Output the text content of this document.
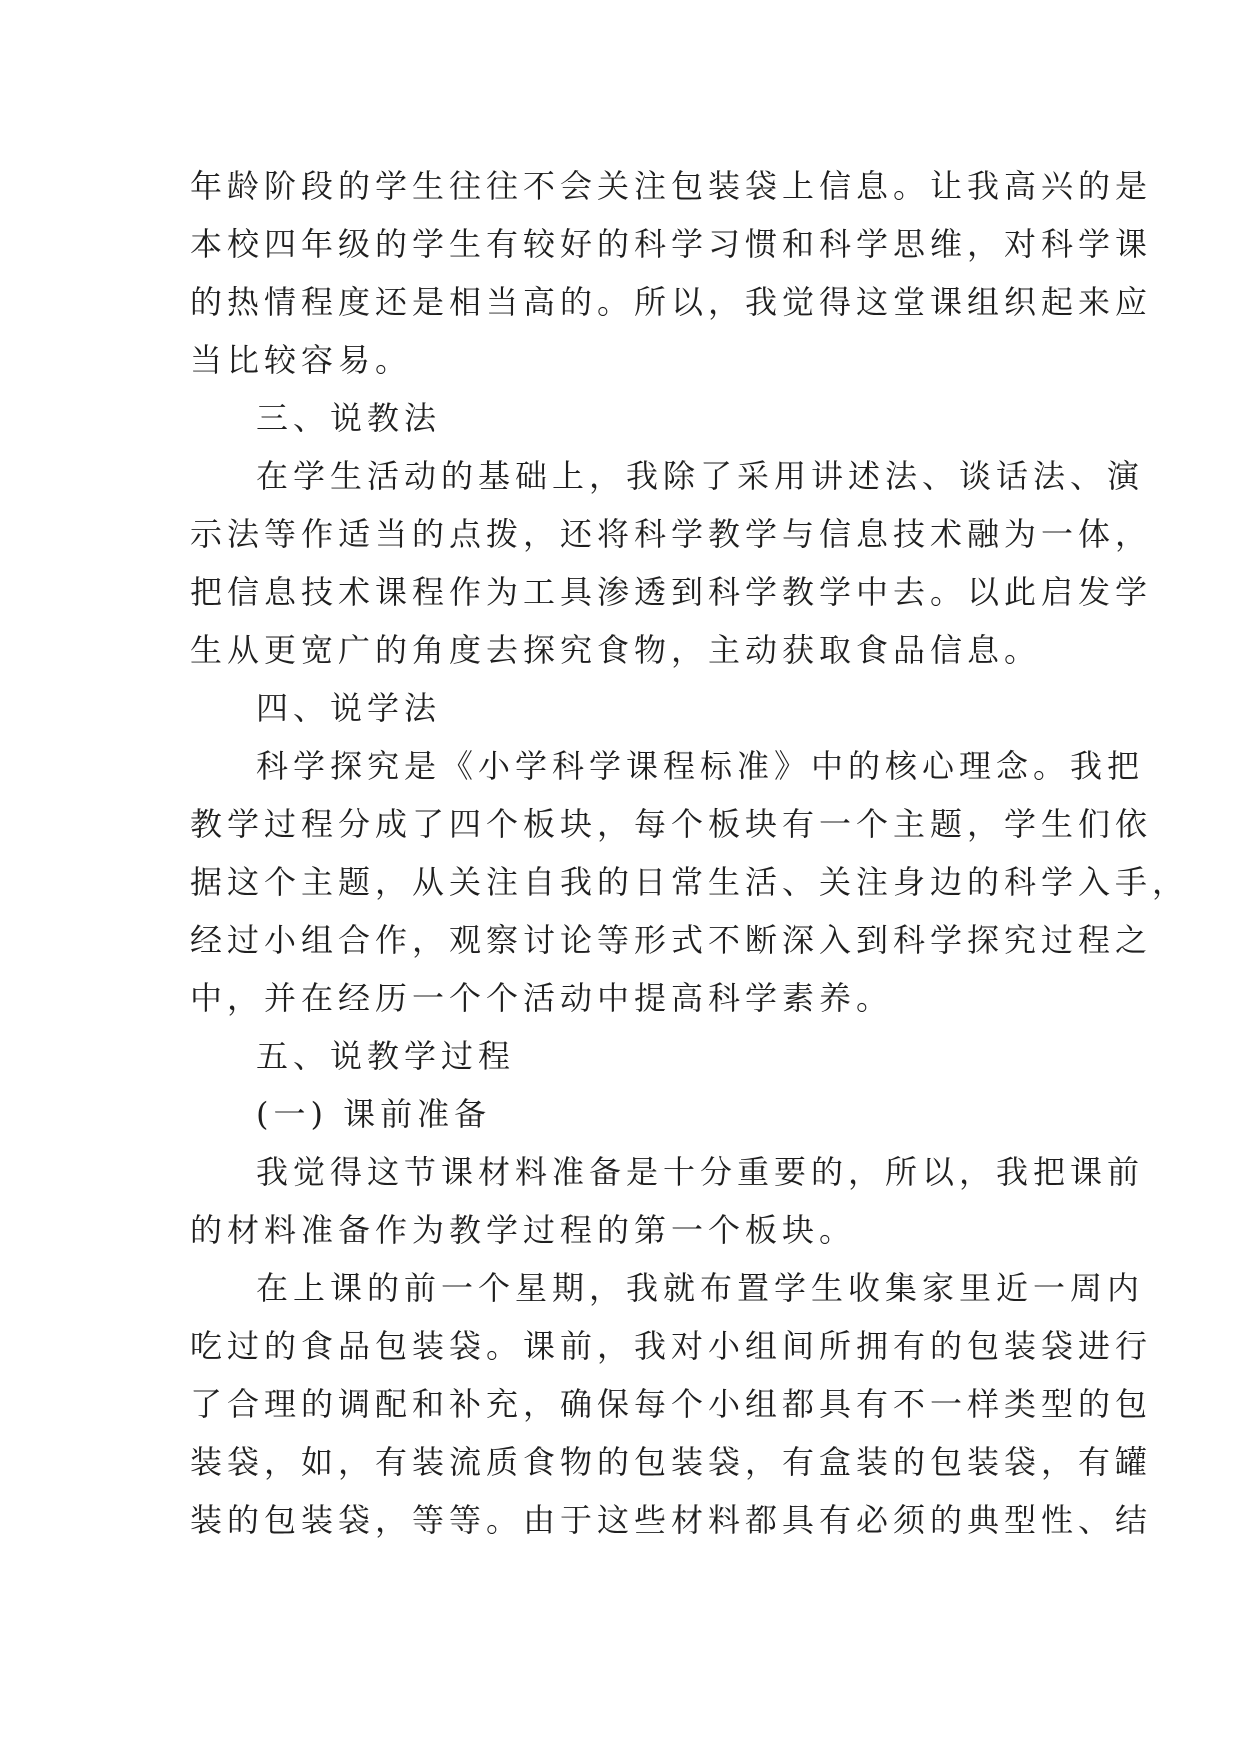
年龄阶段的学生往往不会关注包装袋上信息。让我高兴的是
本校四年级的学生有较好的科学习惯和科学思维，对科学课
的热情程度还是相当高的。所以，我觉得这堂课组织起来应
当比较容易。
三、说教法
在学生活动的基础上，我除了采用讲述法、谈话法、演
示法等作适当的点拨，还将科学教学与信息技术融为一体，
把信息技术课程作为工具渗透到科学教学中去。以此启发学
生从更宽广的角度去探究食物，主动获取食品信息。
四、说学法
科学探究是《小学科学课程标准》中的核心理念。我把
教学过程分成了四个板块，每个板块有一个主题，学生们依
据这个主题，从关注自我的日常生活、关注身边的科学入手，
经过小组合作，观察讨论等形式不断深入到科学探究过程之
中，并在经历一个个活动中提高科学素养。
五、说教学过程
(一) 课前准备
我觉得这节课材料准备是十分重要的，所以，我把课前
的材料准备作为教学过程的第一个板块。
在上课的前一个星期，我就布置学生收集家里近一周内
吃过的食品包装袋。课前，我对小组间所拥有的包装袋进行
了合理的调配和补充，确保每个小组都具有不一样类型的包
装袋，如，有装流质食物的包装袋，有盒装的包装袋，有罐
装的包装袋，等等。由于这些材料都具有必须的典型性、结
